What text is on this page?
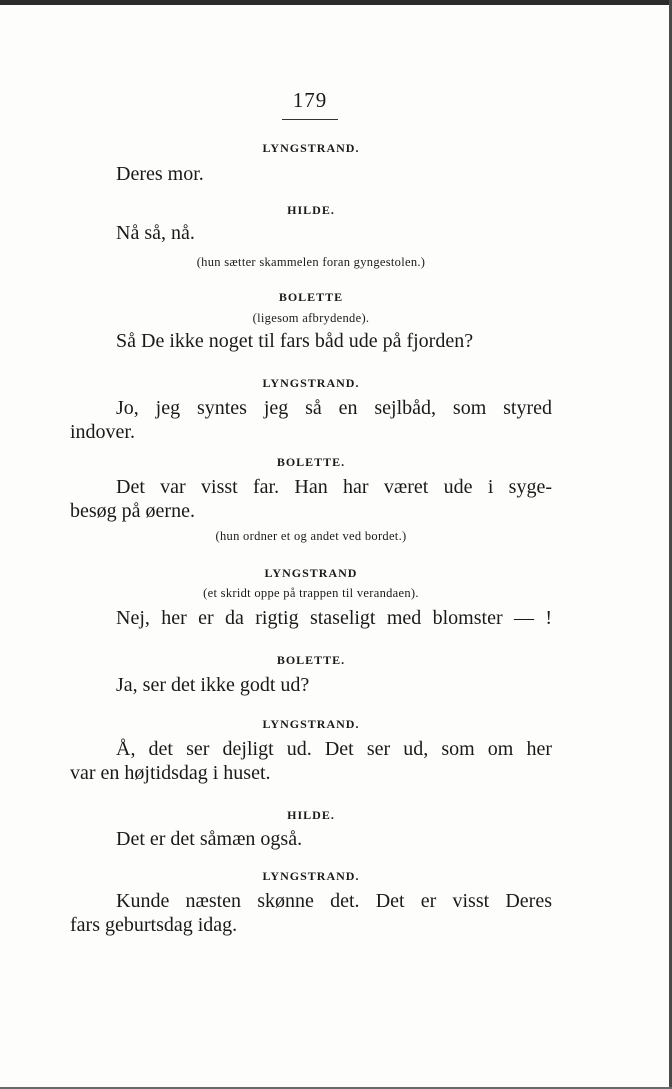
179
LYNGSTRAND.
Deres mor.
HILDE.
Nå så, nå.
(hun sætter skammelen foran gyngestolen.)
BOLETTE
(ligesom afbrydende).
Så De ikke noget til fars båd ude på fjorden?
LYNGSTRAND.
Jo, jeg syntes jeg så en sejlbåd, som styred
indover.
BOLETTE.
Det var visst far. Han har været ude i syge-
besøg på øerne.
(hun ordner et og andet ved bordet.)
LYNGSTRAND
(et skridt oppe på trappen til verandaen).
Nej, her er da rigtig staseligt med blomster — !
BOLETTE.
Ja, ser det ikke godt ud?
LYNGSTRAND.
Å, det ser dejligt ud. Det ser ud, som om her
var en højtidsdag i huset.
HILDE.
Det er det såmæn også.
LYNGSTRAND.
Kunde næsten skønne det. Det er visst Deres
fars geburtsdag idag.
